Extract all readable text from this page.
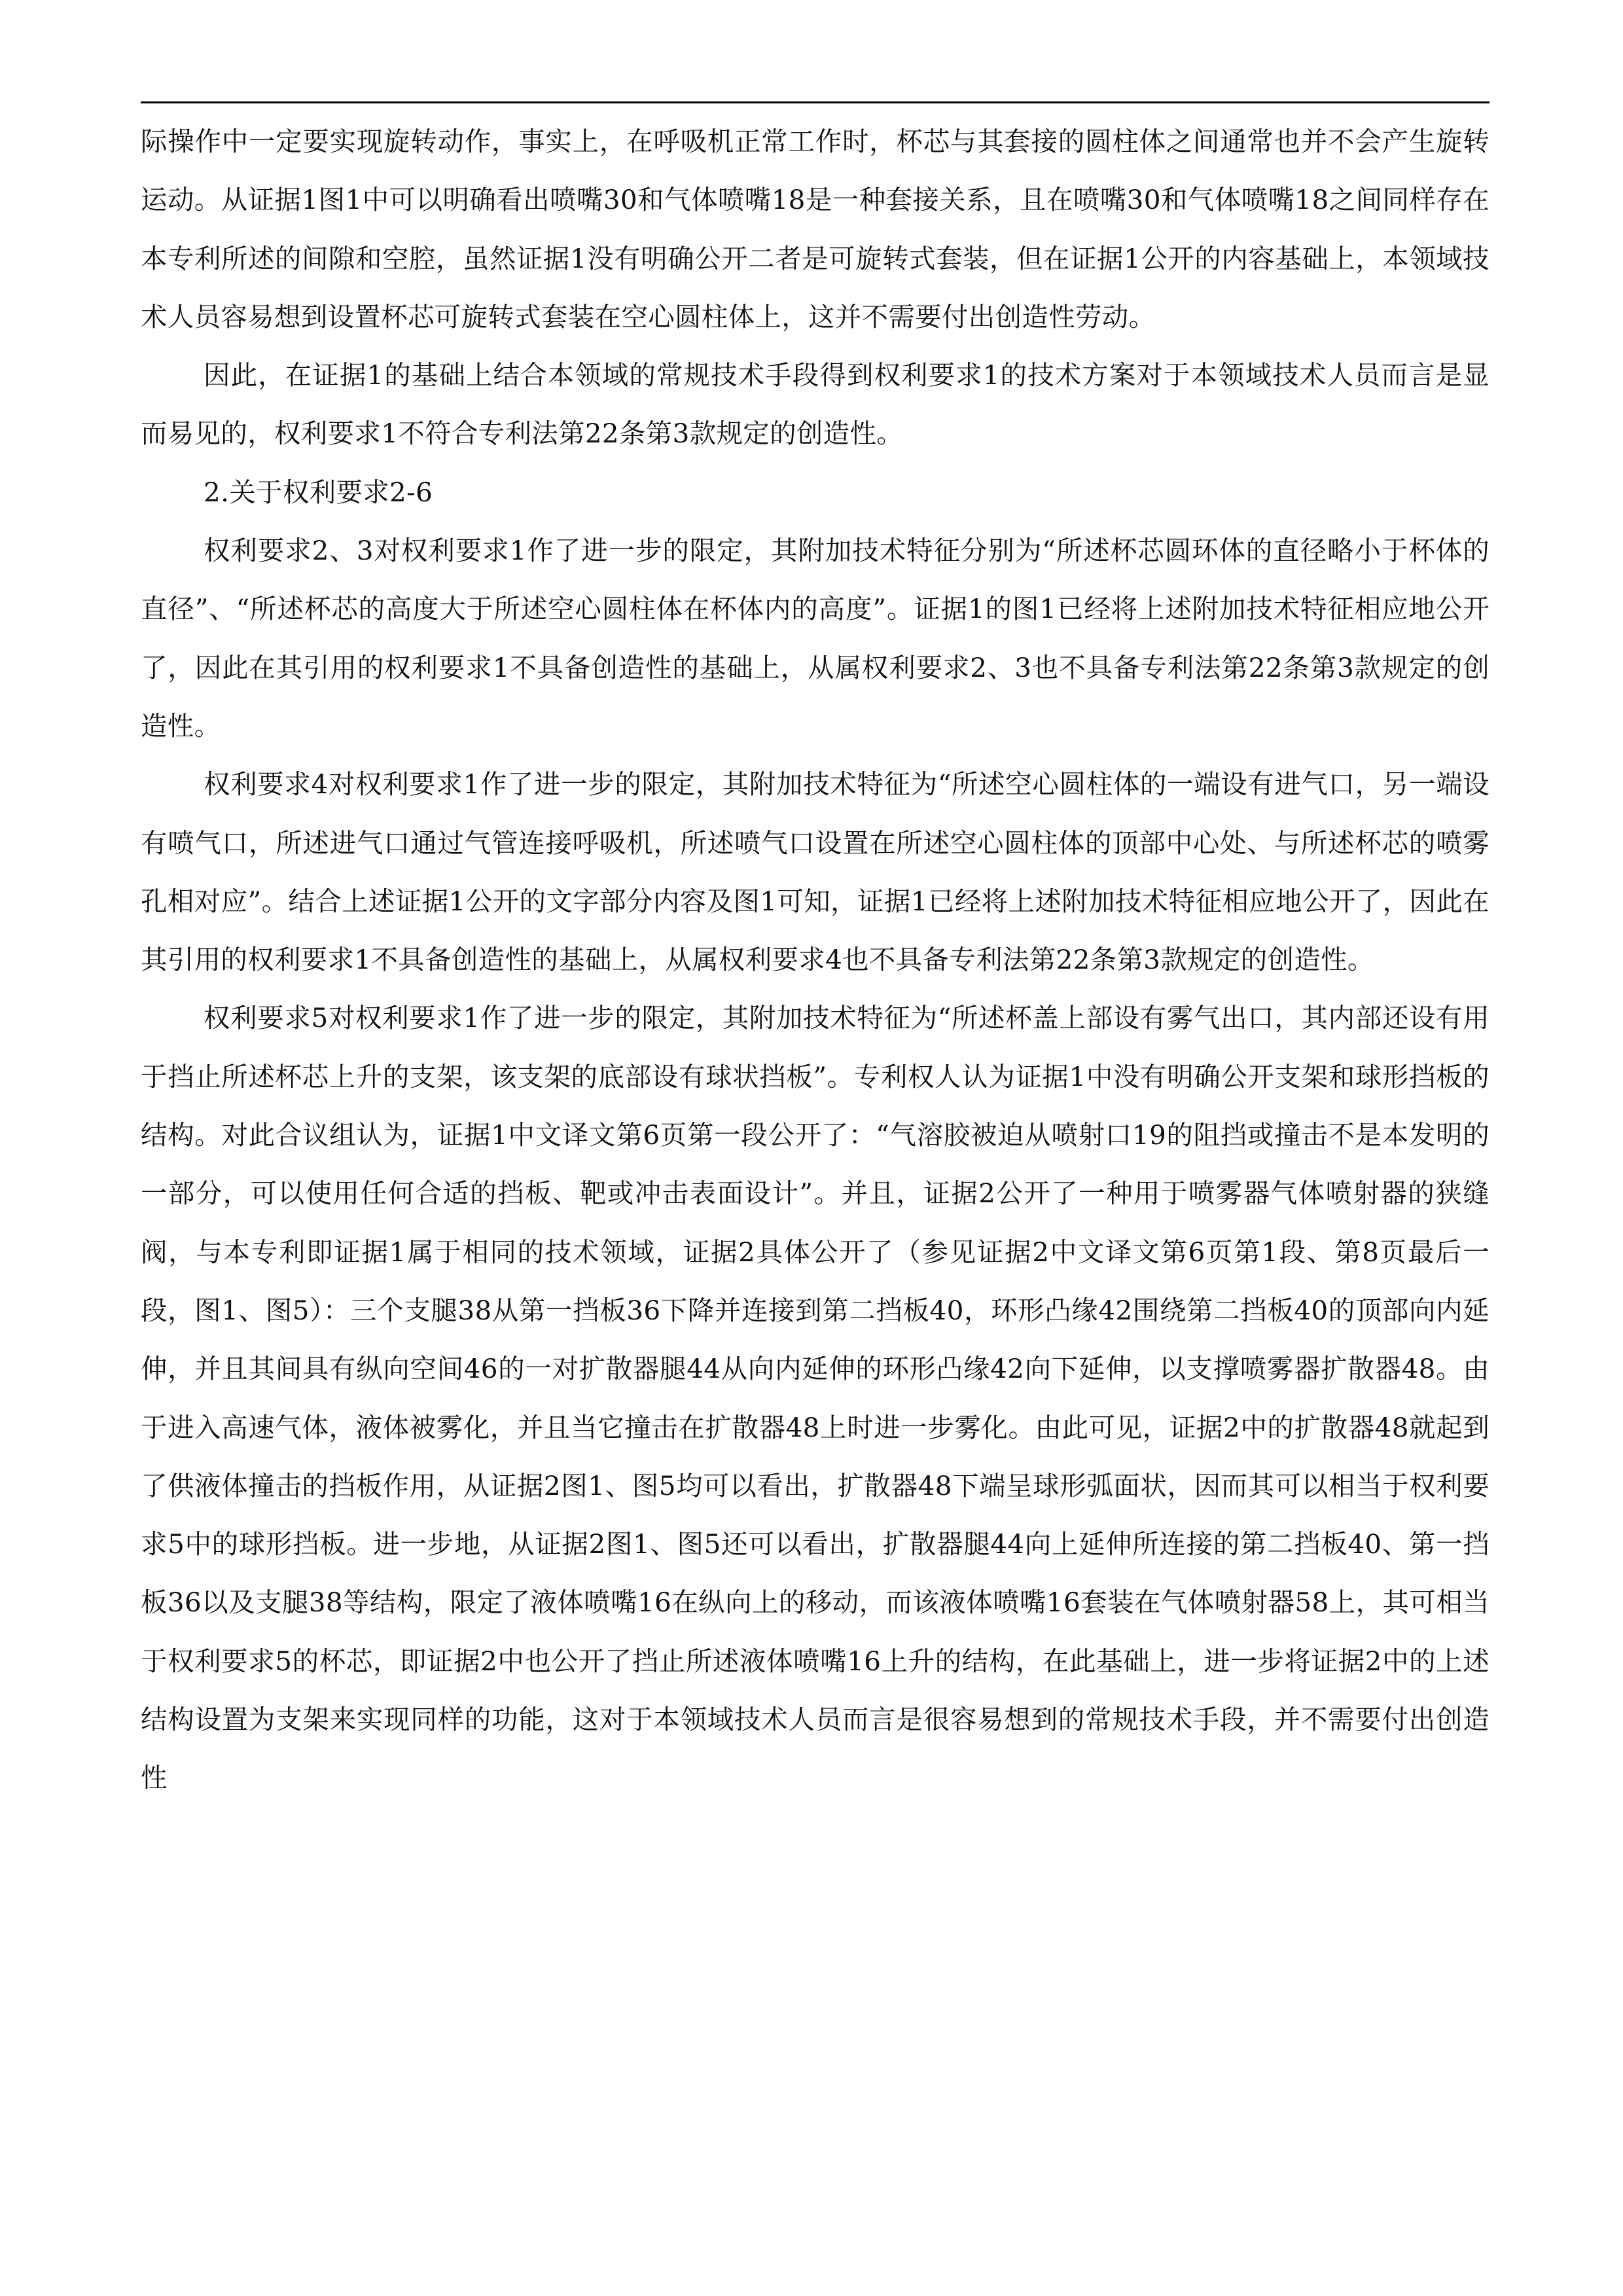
际操作中一定要实现旋转动作，事实上，在呼吸机正常工作时，杯芯与其套接的圆柱体之间通常也并不会产生旋转运动。从证据1图1中可以明确看出喷嘴30和气体喷嘴18是一种套接关系，且在喷嘴30和气体喷嘴18之间同样存在本专利所述的间隙和空腔，虽然证据1没有明确公开二者是可旋转式套装，但在证据1公开的内容基础上，本领域技术人员容易想到设置杯芯可旋转式套装在空心圆柱体上，这并不需要付出创造性劳动。

因此，在证据1的基础上结合本领域的常规技术手段得到权利要求1的技术方案对于本领域技术人员而言是显而易见的，权利要求1不符合专利法第22条第3款规定的创造性。

2.关于权利要求2-6

权利要求2、3对权利要求1作了进一步的限定，其附加技术特征分别为“所述杯芯圆环体的直径略小于杯体的直径”、“所述杯芯的高度大于所述空心圆柱体在杯体内的高度”。证据1的图1已经将上述附加技术特征相应地公开了，因此在其引用的权利要求1不具备创造性的基础上，从属权利要求2、3也不具备专利法第22条第3款规定的创造性。

权利要求4对权利要求1作了进一步的限定，其附加技术特征为“所述空心圆柱体的一端设有进气口，另一端设有喷气口，所述进气口通过气管连接呼吸机，所述喷气口设置在所述空心圆柱体的顶部中心处、与所述杯芯的喷雾孔相对应”。结合上述证据1公开的文字部分内容及图1可知，证据1已经将上述附加技术特征相应地公开了，因此在其引用的权利要求1不具备创造性的基础上，从属权利要求4也不具备专利法第22条第3款规定的创造性。

权利要求5对权利要求1作了进一步的限定，其附加技术特征为“所述杯盖上部设有雾气出口，其内部还设有用于挡止所述杯芯上升的支架，该支架的底部设有球状挡板”。专利权人认为证据1中没有明确公开支架和球形挡板的结构。对此合议组认为，证据1中文译文第6页第一段公开了：“气溶胶被迫从喷射口19的阻挡或撞击不是本发明的一部分，可以使用任何合适的挡板、靶或冲击表面设计”。并且，证据2公开了一种用于喷雾器气体喷射器的狭缝阀，与本专利即证据1属于相同的技术领域，证据2具体公开了（参见证据2中文译文第6页第1段、第8页最后一段，图1、图5）：三个支腿38从第一挡板36下降并连接到第二挡板40，环形凸缘42围绕第二挡板40的顶部向内延伸，并且其间具有纵向空间46的一对扩散器腿44从向内延伸的环形凸缘42向下延伸，以支撑喷雾器扩散器48。由于进入高速气体，液体被雾化，并且当它撞击在扩散器48上时进一步雾化。由此可见，证据2中的扩散器48就起到了供液体撞击的挡板作用，从证据2图1、图5均可以看出，扩散器48下端呈球形弧面状，因而其可以相当于权利要求5中的球形挡板。进一步地，从证据2图1、图5还可以看出，扩散器腿44向上延伸所连接的第二挡板40、第一挡板36以及支腿38等结构，限定了液体喷嘴16在纵向上的移动，而该液体喷嘴16套装在气体喷射器58上，其可相当于权利要求5的杯芯，即证据2中也公开了挡止所述液体喷嘴16上升的结构，在此基础上，进一步将证据2中的上述结构设置为支架来实现同样的功能，这对于本领域技术人员而言是很容易想到的常规技术手段，并不需要付出创造性
